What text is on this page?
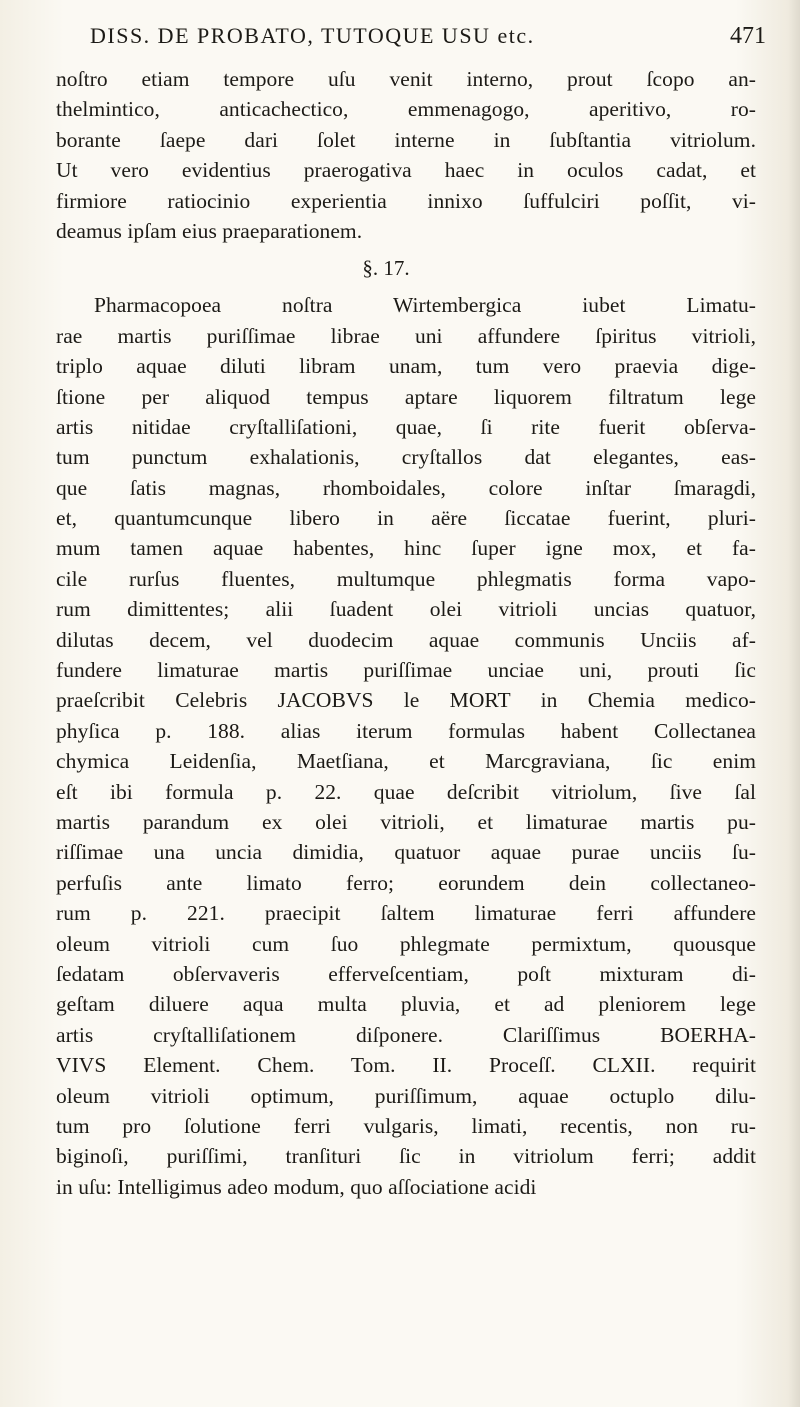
DISS. DE PROBATO, TUTOQUE USU etc.	471
noſtro etiam tempore uſu venit interno, prout ſcopo an-
thelmintico, anticachectico, emmenagogo, aperitivo, ro-
borante ſaepe dari ſolet interne in ſubſtantia vitriolum.
Ut vero evidentius praerogativa haec in oculos cadat, et
firmiore ratiocinio experientia innixo ſuffulciri poſſit, vi-
deamus ipſam eius praeparationem.
§. 17.
Pharmacopoea noſtra Wirtembergica iubet Limatu-
rae martis puriſſimae librae uni affundere ſpiritus vitrioli,
triplo aquae diluti libram unam, tum vero praevia dige-
ſtione per aliquod tempus aptare liquorem filtratum lege
artis nitidae cryſtalliſationi, quae, ſi rite fuerit obſerva-
tum punctum exhalationis, cryſtallos dat elegantes, eas-
que ſatis magnas, rhomboidales, colore inſtar ſmaragdi,
et, quantumcunque libero in aëre ſiccatae fuerint, pluri-
mum tamen aquae habentes, hinc ſuper igne mox, et fa-
cile rurſus fluentes, multumque phlegmatis forma vapo-
rum dimittentes; alii ſuadent olei vitrioli uncias quatuor,
dilutas decem, vel duodecim aquae communis Unciis af-
fundere limaturae martis puriſſimae unciae uni, prouti ſic
praeſcribit Celebris JACOBVS le MORT in Chemia medico-
phyſica p. 188. alias iterum formulas habent Collectanea
chymica Leidenſia, Maetſiana, et Marcgraviana, ſic enim
eſt ibi formula p. 22. quae deſcribit vitriolum, ſive ſal
martis parandum ex olei vitrioli, et limaturae martis pu-
riſſimae una uncia dimidia, quatuor aquae purae unciis ſu-
perfuſis ante limato ferro; eorundem dein collectaneo-
rum p. 221. praecipit ſaltem limaturae ferri affundere
oleum vitrioli cum ſuo phlegmate permixtum, quousque
ſedatam obſervaveris efferveſcentiam, poſt mixturam di-
geſtam diluere aqua multa pluvia, et ad pleniorem lege
artis cryſtalliſationem diſponere. Clariſſimus BOERHA-
VIVS Element. Chem. Tom. II. Proceſſ. CLXII. requirit
oleum vitrioli optimum, puriſſimum, aquae octuplo dilu-
tum pro ſolutione ferri vulgaris, limati, recentis, non ru-
biginoſi, puriſſimi, tranſituri ſic in vitriolum ferri; addit
in uſu: Intelligimus adeo modum, quo aſſociatione acidi
